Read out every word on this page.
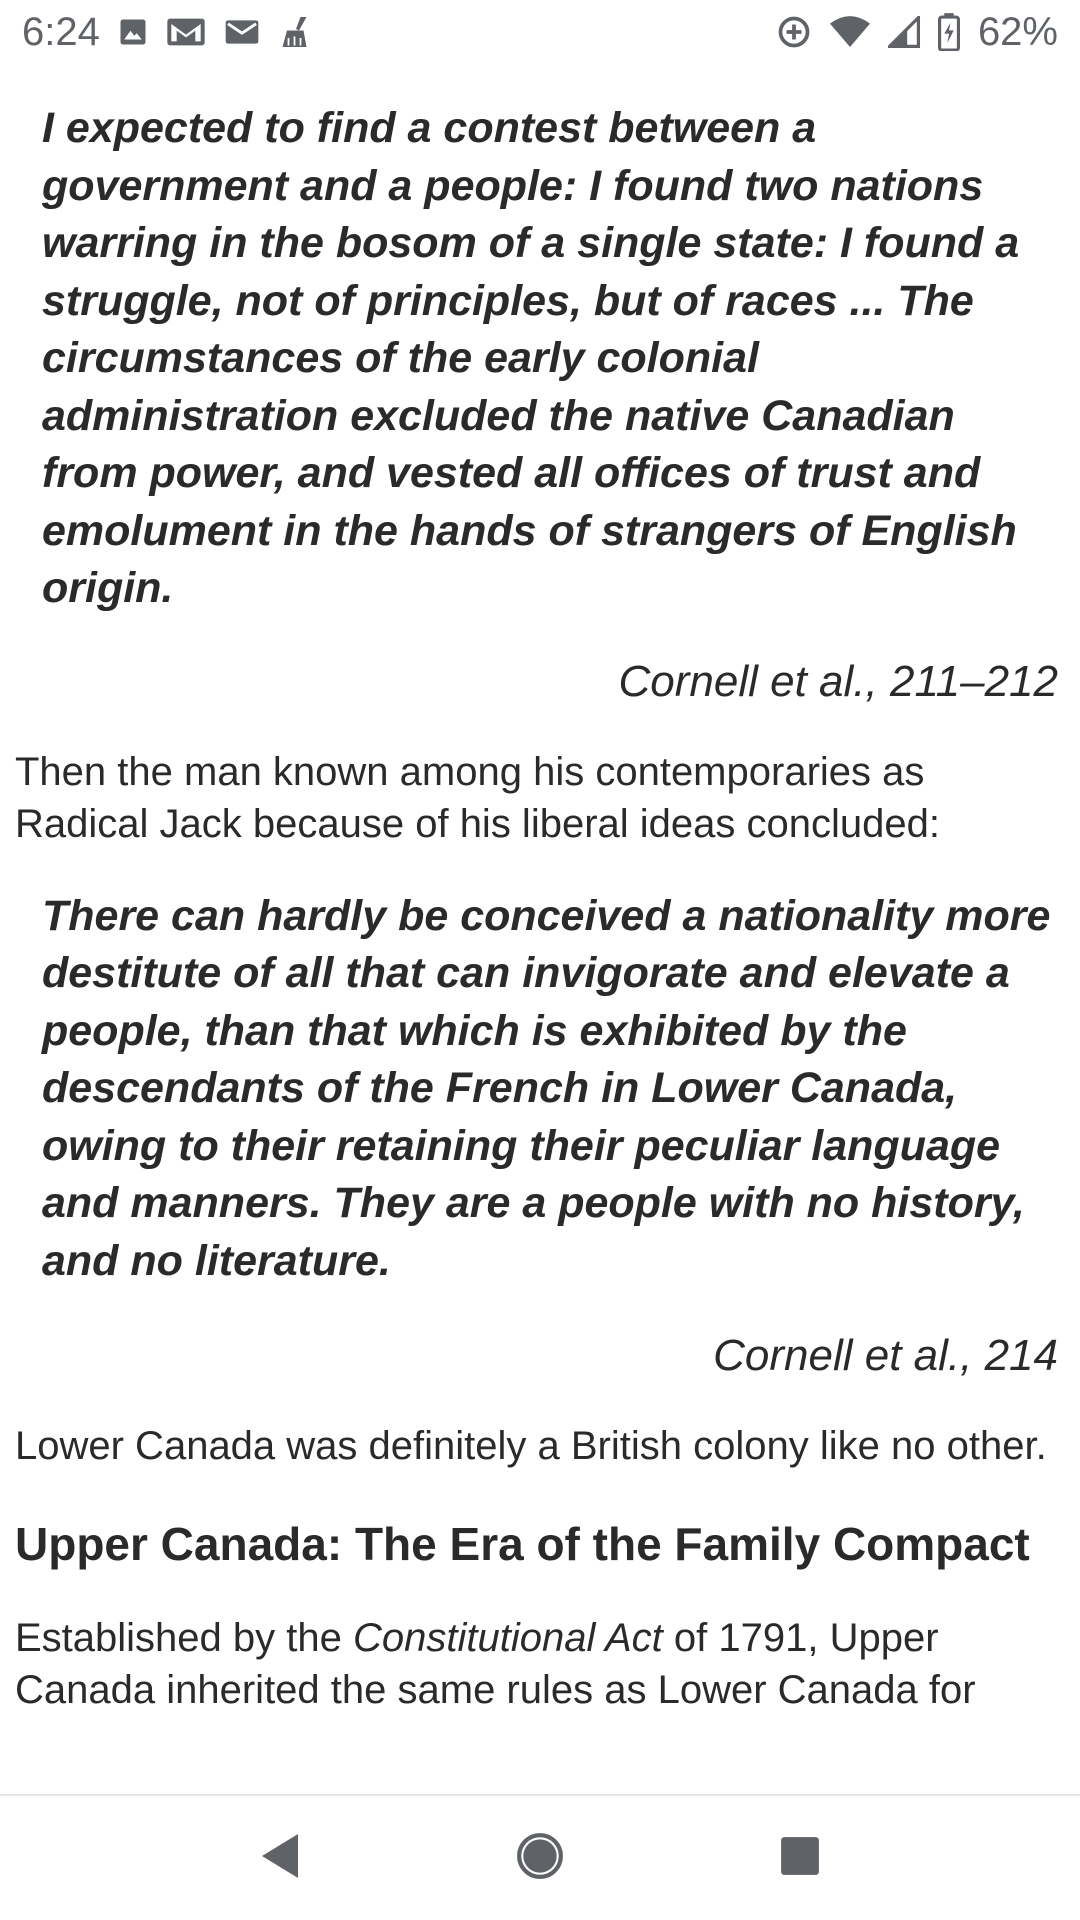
6:24	62%
I expected to find a contest between a government and a people: I found two nations warring in the bosom of a single state: I found a struggle, not of principles, but of races ... The circumstances of the early colonial administration excluded the native Canadian from power, and vested all offices of trust and emolument in the hands of strangers of English origin.
Cornell et al., 211–212
Then the man known among his contemporaries as Radical Jack because of his liberal ideas concluded:
There can hardly be conceived a nationality more destitute of all that can invigorate and elevate a people, than that which is exhibited by the descendants of the French in Lower Canada, owing to their retaining their peculiar language and manners. They are a people with no history, and no literature.
Cornell et al., 214
Lower Canada was definitely a British colony like no other.
Upper Canada: The Era of the Family Compact
Established by the Constitutional Act of 1791, Upper Canada inherited the same rules as Lower Canada for
